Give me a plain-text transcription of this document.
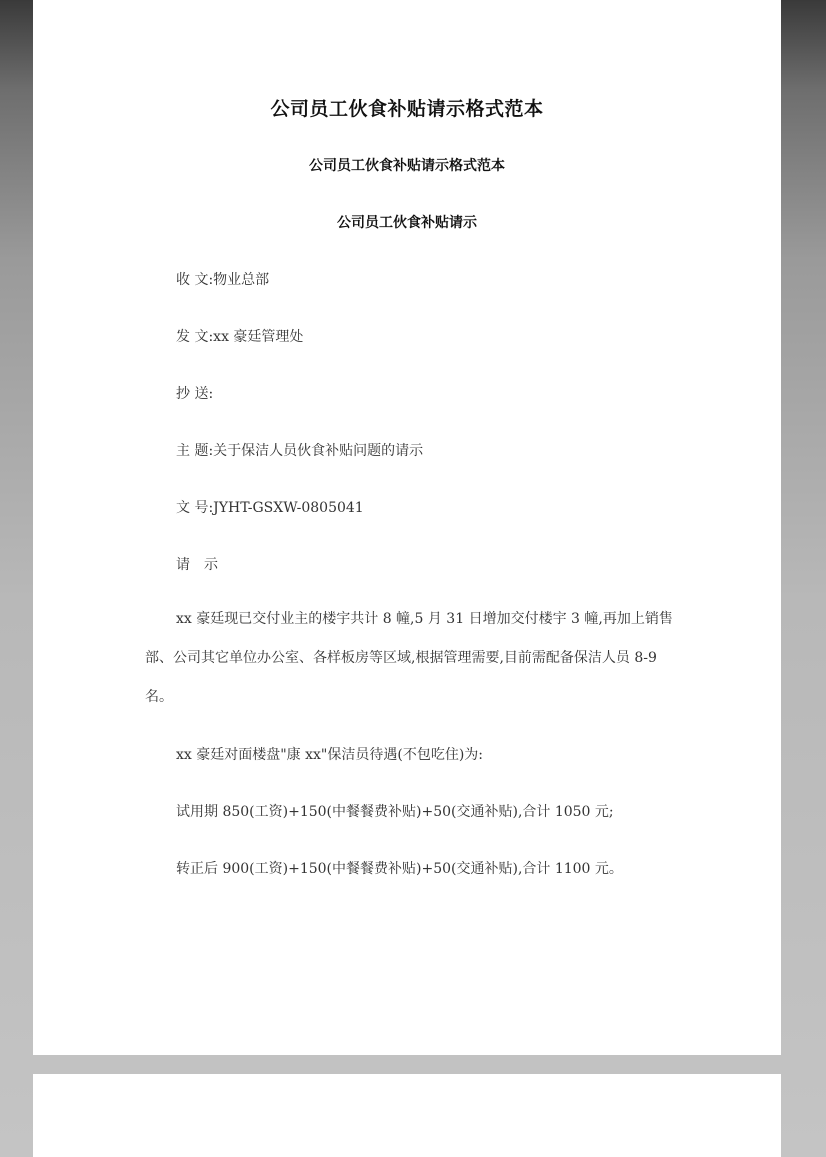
公司员工伙食补贴请示格式范本
公司员工伙食补贴请示格式范本
公司员工伙食补贴请示
收 文:物业总部
发 文:xx 豪廷管理处
抄 送:
主 题:关于保洁人员伙食补贴问题的请示
文 号:JYHT-GSXW-0805041
请　示
xx 豪廷现已交付业主的楼宇共计 8 幢,5 月 31 日增加交付楼宇 3 幢,再加上销售部、公司其它单位办公室、各样板房等区域,根据管理需要,目前需配备保洁人员 8-9 名。
xx 豪廷对面楼盘"康 xx"保洁员待遇(不包吃住)为:
试用期 850(工资)+150(中餐餐费补贴)+50(交通补贴),合计 1050 元;
转正后 900(工资)+150(中餐餐费补贴)+50(交通补贴),合计 1100 元。
